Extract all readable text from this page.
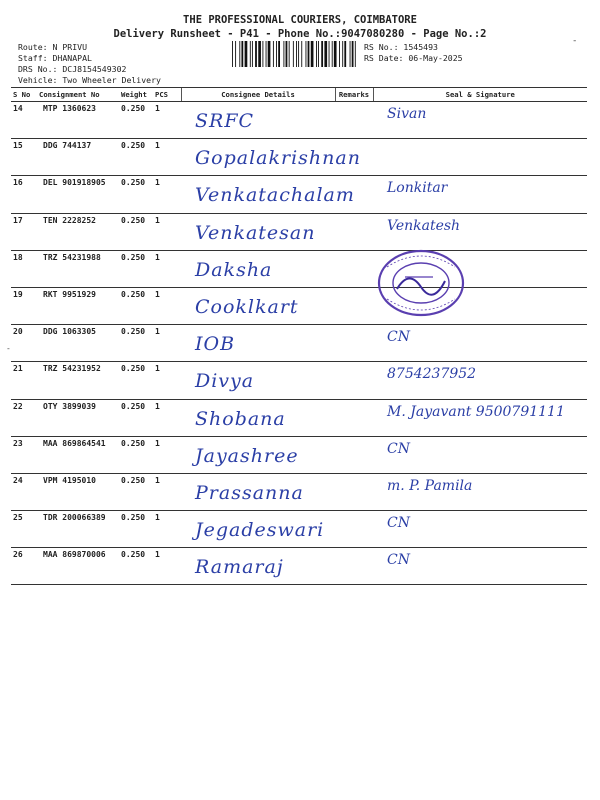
THE PROFESSIONAL COURIERS, COIMBATORE
Delivery Runsheet - P41 - Phone No.:9047080280 - Page No.:2
Route: N PRIVU
Staff: DHANAPAL
DRS No.: DCJ8154549302
Vehicle: Two Wheeler Delivery
RS No.: 1545493
RS Date: 06-May-2025
-
-
S No	Consignment No	Weight	PCS	Consignee Details	Remarks	Seal & Signature
14	MTP 1360623	0.250	1	SRFC		Sivan

15	DDG 744137	0.250	1	Gopalakrishnan		

16	DEL 901918905	0.250	1	Venkatachalam		Lonkitar

17	TEN 2228252	0.250	1	Venkatesan		Venkatesh

18	TRZ 54231988	0.250	1	Daksha		

19	RKT 9951929	0.250	1	Cooklkart		

20	DDG 1063305	0.250	1	IOB		CN

21	TRZ 54231952	0.250	1	Divya		8754237952

22	OTY 3899039	0.250	1	Shobana		M. Jayavant 9500791111

23	MAA 869864541	0.250	1	Jayashree		CN

24	VPM 4195010	0.250	1	Prassanna		m. P. Pamila

25	TDR 200066389	0.250	1	Jegadeswari		CN

26	MAA 869870006	0.250	1	Ramaraj		CN
